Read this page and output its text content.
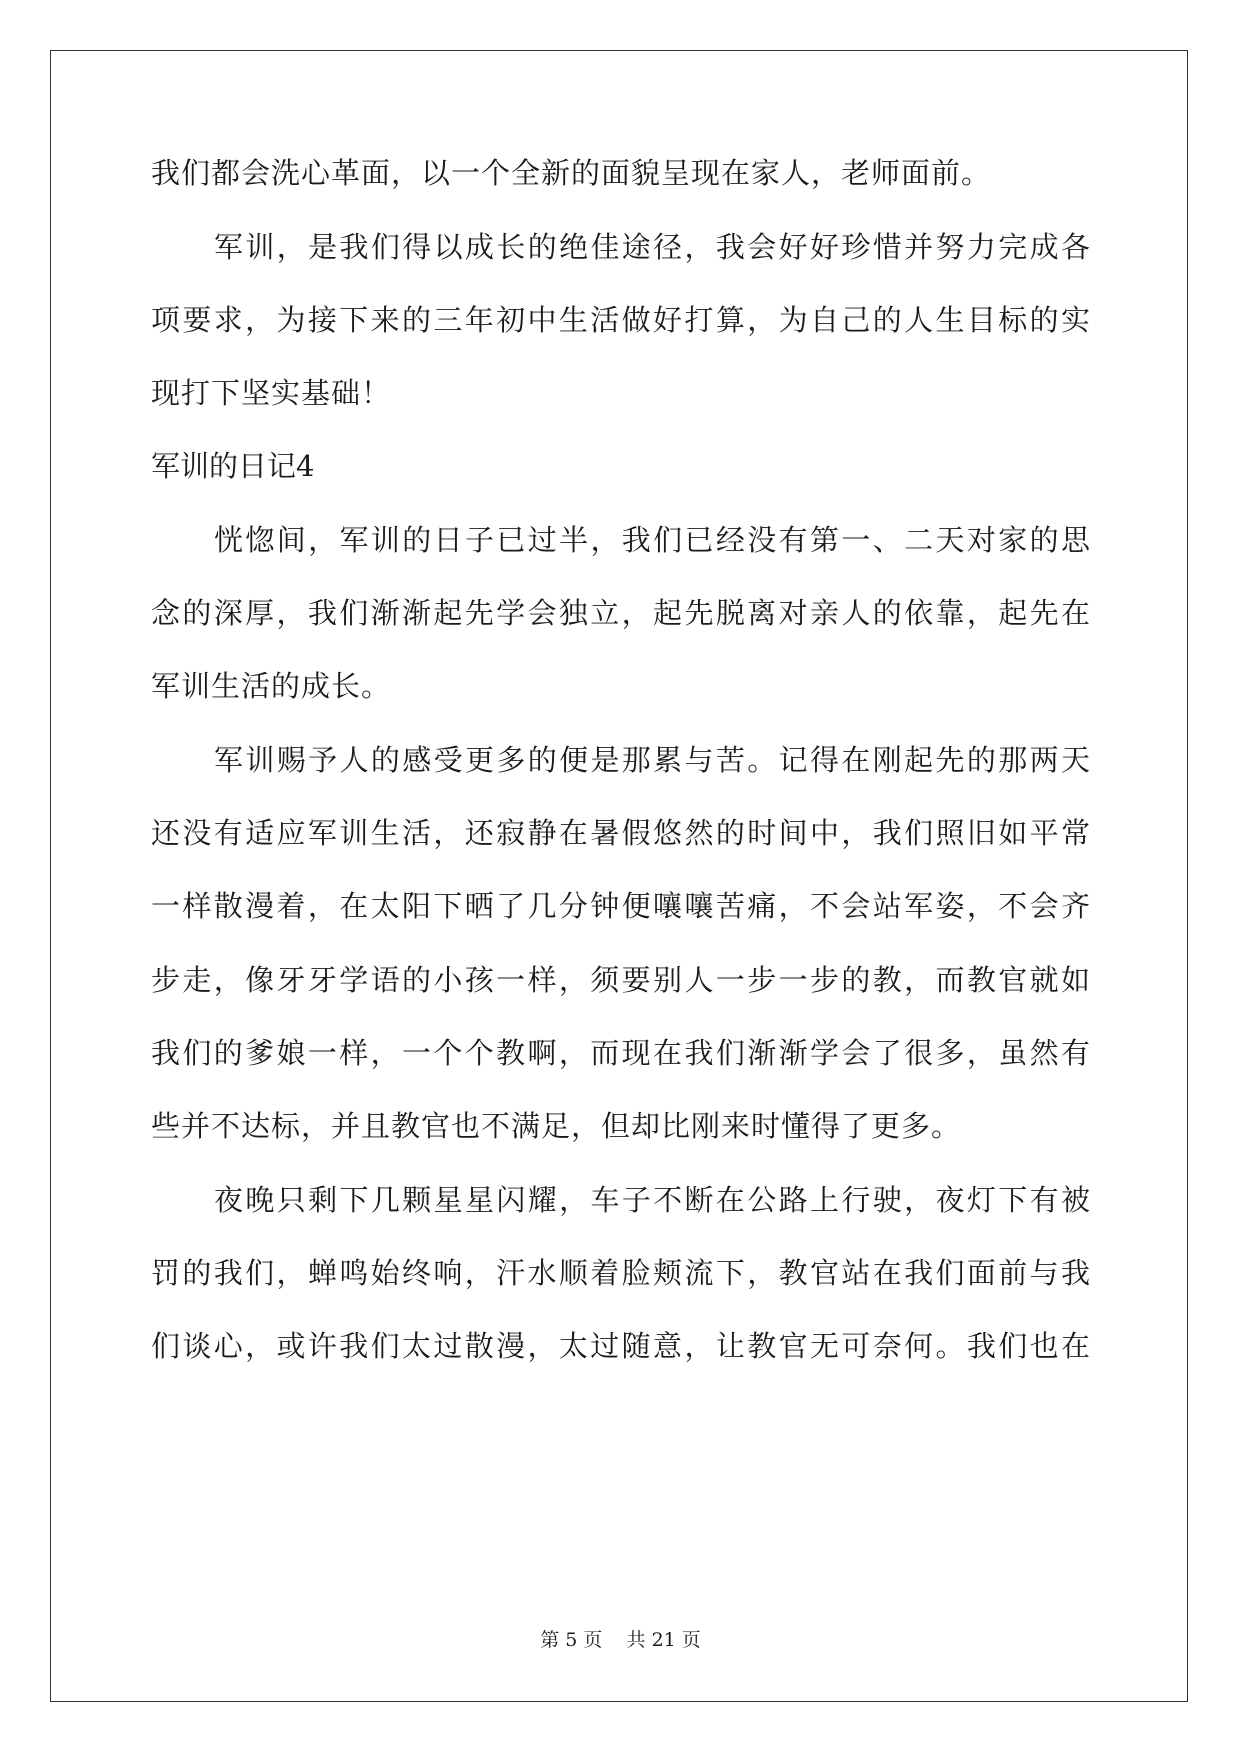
我们都会洗心革面，以一个全新的面貌呈现在家人，老师面前。
军训，是我们得以成长的绝佳途径，我会好好珍惜并努力完成各
项要求，为接下来的三年初中生活做好打算，为自己的人生目标的实
现打下坚实基础！
军训的日记4
恍惚间，军训的日子已过半，我们已经没有第一、二天对家的思
念的深厚，我们渐渐起先学会独立，起先脱离对亲人的依靠，起先在
军训生活的成长。
军训赐予人的感受更多的便是那累与苦。记得在刚起先的那两天
还没有适应军训生活，还寂静在暑假悠然的时间中，我们照旧如平常
一样散漫着，在太阳下晒了几分钟便嚷嚷苦痛，不会站军姿，不会齐
步走，像牙牙学语的小孩一样，须要别人一步一步的教，而教官就如
我们的爹娘一样，一个个教啊，而现在我们渐渐学会了很多，虽然有
些并不达标，并且教官也不满足，但却比刚来时懂得了更多。
夜晚只剩下几颗星星闪耀，车子不断在公路上行驶，夜灯下有被
罚的我们，蝉鸣始终响，汗水顺着脸颊流下，教官站在我们面前与我
们谈心，或许我们太过散漫，太过随意，让教官无可奈何。我们也在
第 5 页    共 21 页
